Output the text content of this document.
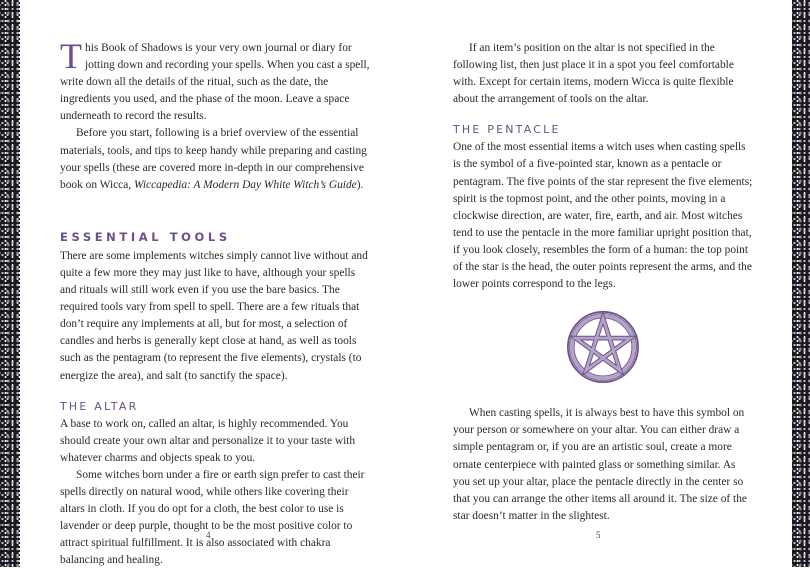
This Book of Shadows is your very own journal or diary for jotting down and recording your spells. When you cast a spell, write down all the details of the ritual, such as the date, the ingredients you used, and the phase of the moon. Leave a space underneath to record the results.

Before you start, following is a brief overview of the essential materials, tools, and tips to keep handy while preparing and casting your spells (these are covered more in-depth in our comprehensive book on Wicca, Wiccapedia: A Modern Day White Witch’s Guide).

ESSENTIAL TOOLS

There are some implements witches simply cannot live without and quite a few more they may just like to have, although your spells and rituals will still work even if you use the bare basics. The required tools vary from spell to spell. There are a few rituals that don’t require any implements at all, but for most, a selection of candles and herbs is generally kept close at hand, as well as tools such as the pentagram (to represent the five elements), crystals (to energize the area), and salt (to sanctify the space).

THE ALTAR

A base to work on, called an altar, is highly recommended. You should create your own altar and personalize it to your taste with whatever charms and objects speak to you.

Some witches born under a fire or earth sign prefer to cast their spells directly on natural wood, while others like covering their altars in cloth. If you do opt for a cloth, the best color to use is lavender or deep purple, thought to be the most positive color to attract spiritual fulfillment. It is also associated with chakra balancing and healing.

4

If an item’s position on the altar is not specified in the following list, then just place it in a spot you feel comfortable with. Except for certain items, modern Wicca is quite flexible about the arrangement of tools on the altar.

THE PENTACLE

One of the most essential items a witch uses when casting spells is the symbol of a five-pointed star, known as a pentacle or pentagram. The five points of the star represent the five elements; spirit is the topmost point, and the other points, moving in a clockwise direction, are water, fire, earth, and air. Most witches tend to use the pentacle in the more familiar upright position that, if you look closely, resembles the form of a human: the top point of the star is the head, the outer points represent the arms, and the lower points correspond to the legs.

When casting spells, it is always best to have this symbol on your person or somewhere on your altar. You can either draw a simple pentagram or, if you are an artistic soul, create a more ornate centerpiece with painted glass or something similar. As you set up your altar, place the pentacle directly in the center so that you can arrange the other items all around it. The size of the star doesn’t matter in the slightest.

5
